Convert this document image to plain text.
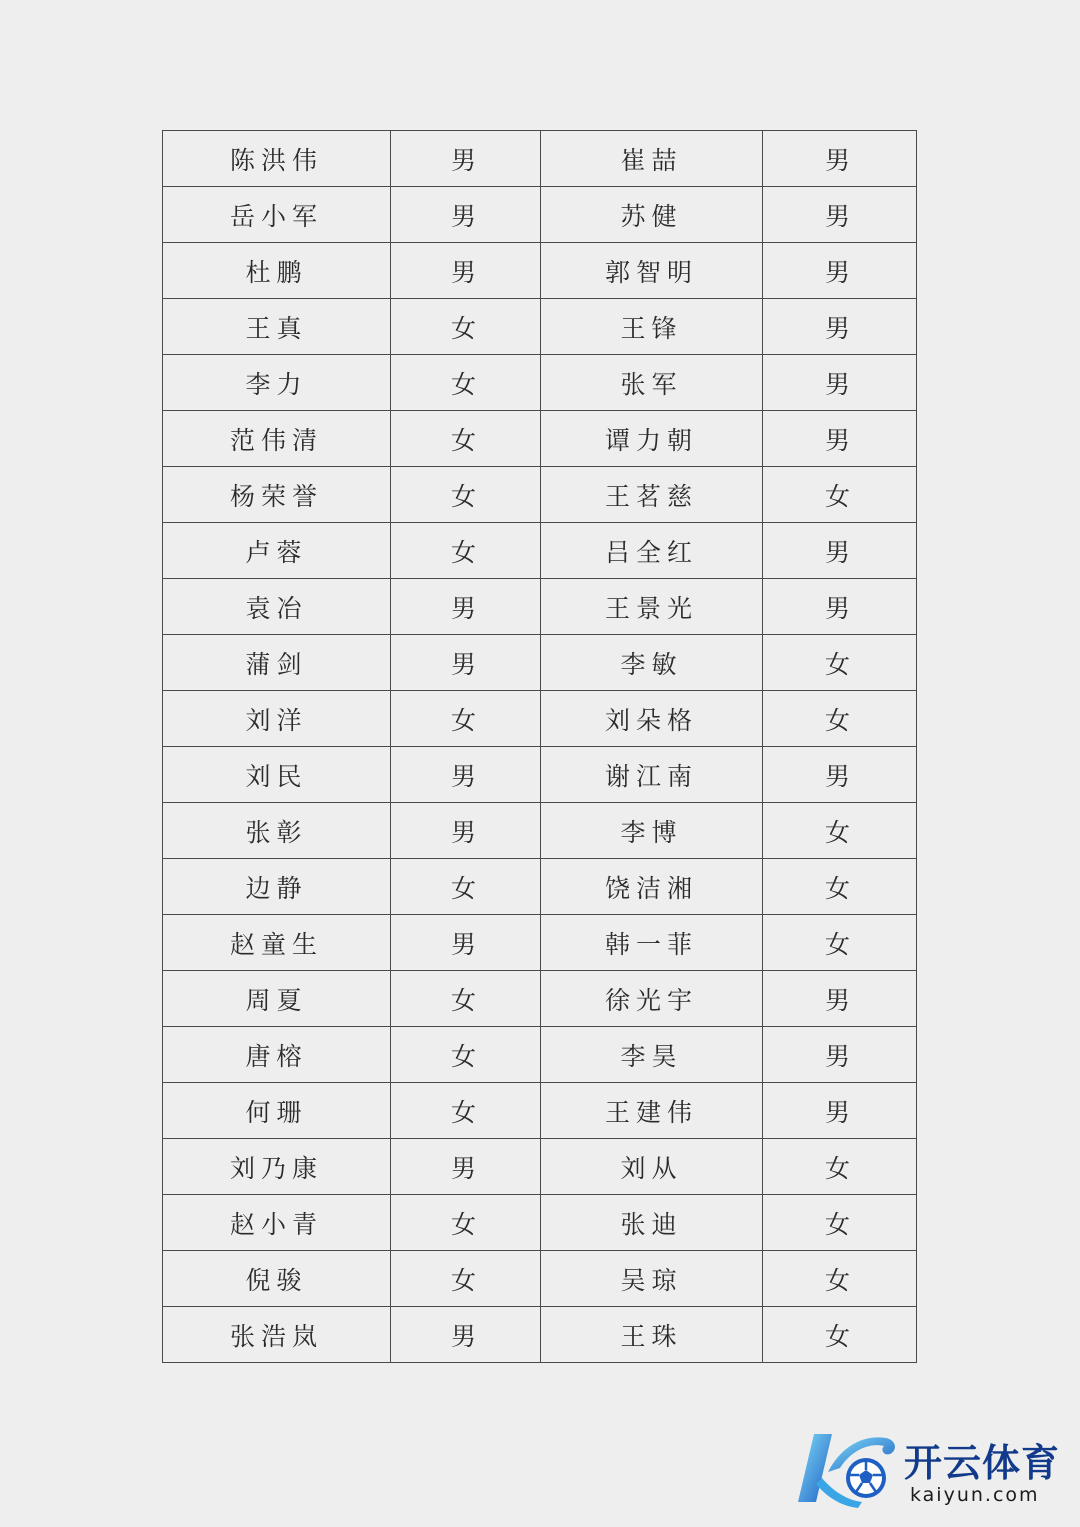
陈洪伟	男	崔喆	男
岳小军	男	苏健	男
杜鹏	男	郭智明	男
王真	女	王锋	男
李力	女	张军	男
范伟清	女	谭力朝	男
杨荣誉	女	王茗慈	女
卢蓉	女	吕全红	男
袁冶	男	王景光	男
蒲剑	男	李敏	女
刘洋	女	刘朵格	女
刘民	男	谢江南	男
张彰	男	李博	女
边静	女	饶洁湘	女
赵童生	男	韩一菲	女
周夏	女	徐光宇	男
唐榕	女	李昊	男
何珊	女	王建伟	男
刘乃康	男	刘从	女
赵小青	女	张迪	女
倪骏	女	吴琼	女
张浩岚	男	王珠	女
开云体育
kaiyun.com
